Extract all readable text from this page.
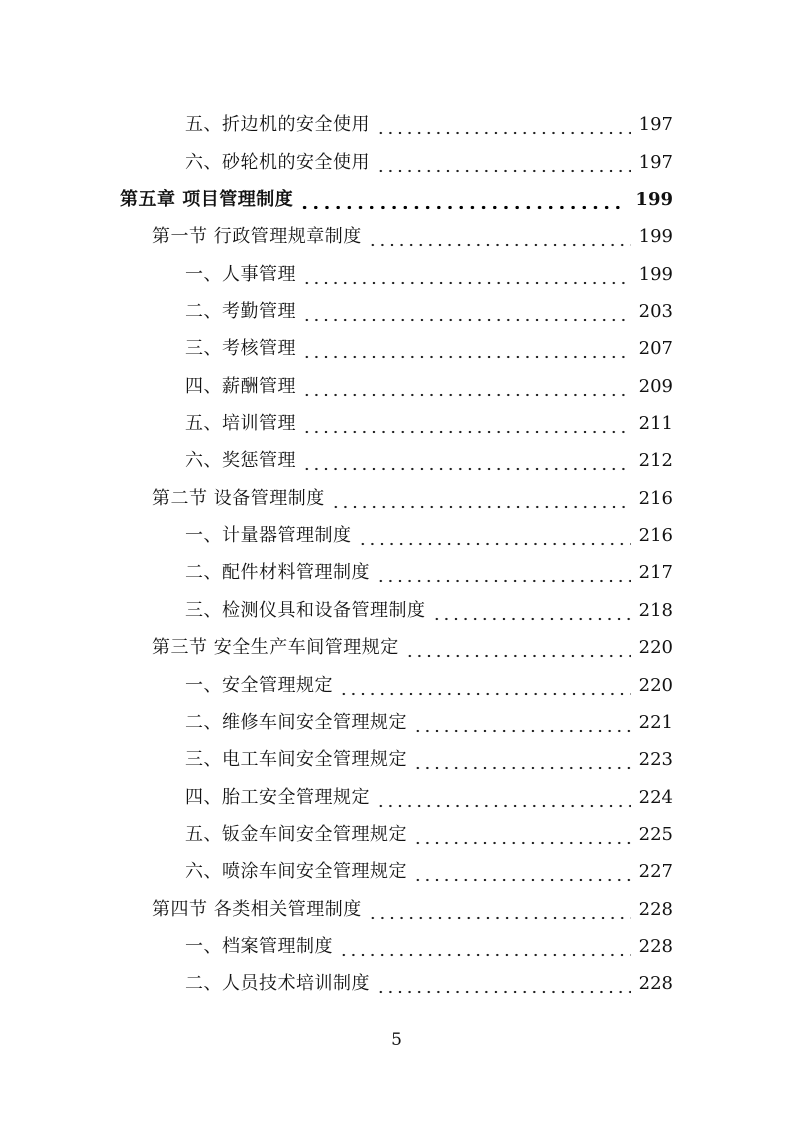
五、折边机的安全使用	197
六、砂轮机的安全使用	197
第五章 项目管理制度	199
第一节 行政管理规章制度	199
一、人事管理	199
二、考勤管理	203
三、考核管理	207
四、薪酬管理	209
五、培训管理	211
六、奖惩管理	212
第二节 设备管理制度	216
一、计量器管理制度	216
二、配件材料管理制度	217
三、检测仪具和设备管理制度	218
第三节 安全生产车间管理规定	220
一、安全管理规定	220
二、维修车间安全管理规定	221
三、电工车间安全管理规定	223
四、胎工安全管理规定	224
五、钣金车间安全管理规定	225
六、喷涂车间安全管理规定	227
第四节 各类相关管理制度	228
一、档案管理制度	228
二、人员技术培训制度	228
5
